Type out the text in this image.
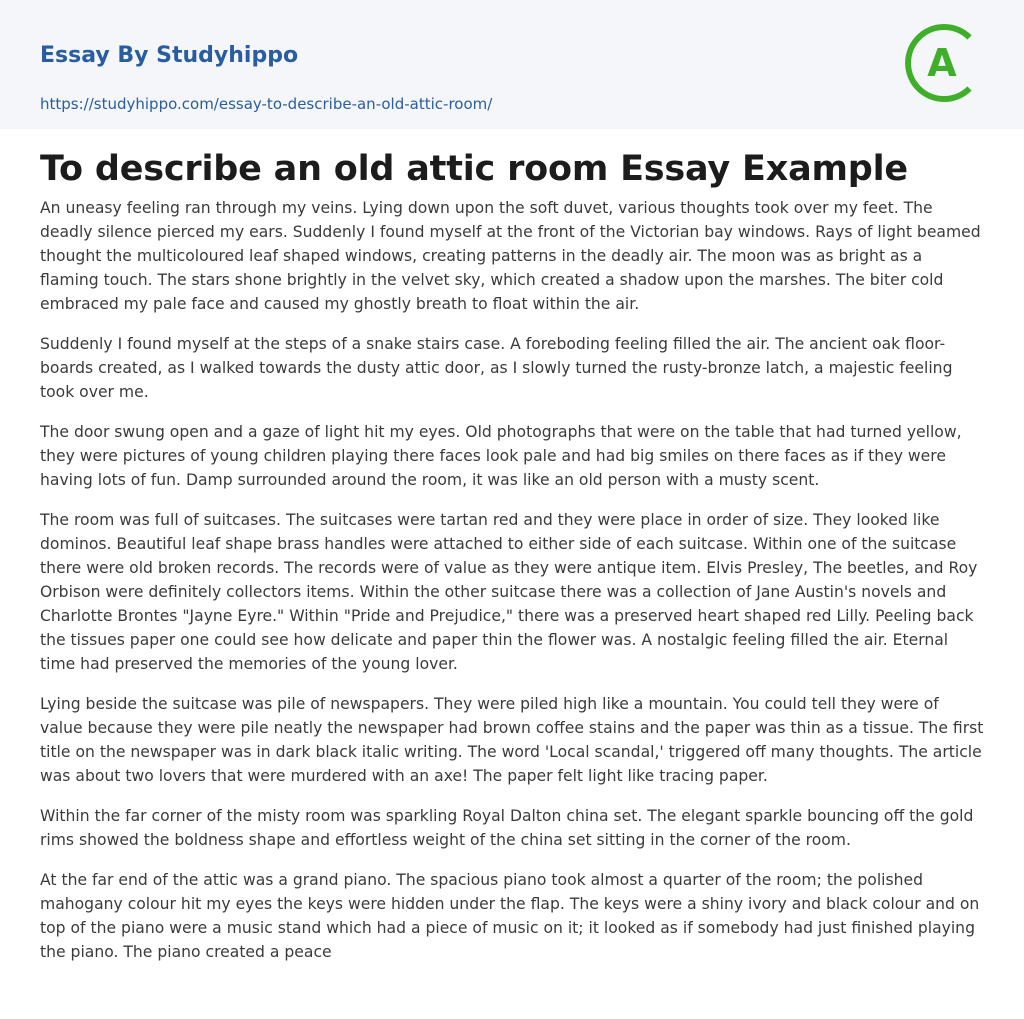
Essay By Studyhippo
https://studyhippo.com/essay-to-describe-an-old-attic-room/
A
To describe an old attic room Essay Example

An uneasy feeling ran through my veins. Lying down upon the soft duvet, various thoughts took over my feet. The deadly silence pierced my ears. Suddenly I found myself at the front of the Victorian bay windows. Rays of light beamed thought the multicoloured leaf shaped windows, creating patterns in the deadly air. The moon was as bright as a flaming touch. The stars shone brightly in the velvet sky, which created a shadow upon the marshes. The biter cold embraced my pale face and caused my ghostly breath to float within the air.

Suddenly I found myself at the steps of a snake stairs case. A foreboding feeling filled the air. The ancient oak floor-boards created, as I walked towards the dusty attic door, as I slowly turned the rusty-bronze latch, a majestic feeling took over me.

The door swung open and a gaze of light hit my eyes. Old photographs that were on the table that had turned yellow, they were pictures of young children playing there faces look pale and had big smiles on there faces as if they were having lots of fun. Damp surrounded around the room, it was like an old person with a musty scent.

The room was full of suitcases. The suitcases were tartan red and they were place in order of size. They looked like dominos. Beautiful leaf shape brass handles were attached to either side of each suitcase. Within one of the suitcase there were old broken records. The records were of value as they were antique item. Elvis Presley, The beetles, and Roy Orbison were definitely collectors items. Within the other suitcase there was a collection of Jane Austin's novels and Charlotte Brontes "Jayne Eyre." Within "Pride and Prejudice," there was a preserved heart shaped red Lilly. Peeling back the tissues paper one could see how delicate and paper thin the flower was. A nostalgic feeling filled the air. Eternal time had preserved the memories of the young lover.

Lying beside the suitcase was pile of newspapers. They were piled high like a mountain. You could tell they were of value because they were pile neatly the newspaper had brown coffee stains and the paper was thin as a tissue. The first title on the newspaper was in dark black italic writing. The word 'Local scandal,' triggered off many thoughts. The article was about two lovers that were murdered with an axe! The paper felt light like tracing paper.

Within the far corner of the misty room was sparkling Royal Dalton china set. The elegant sparkle bouncing off the gold rims showed the boldness shape and effortless weight of the china set sitting in the corner of the room.

At the far end of the attic was a grand piano. The spacious piano took almost a quarter of the room; the polished mahogany colour hit my eyes the keys were hidden under the flap. The keys were a shiny ivory and black colour and on top of the piano were a music stand which had a piece of music on it; it looked as if somebody had just finished playing the piano. The piano created a peace
